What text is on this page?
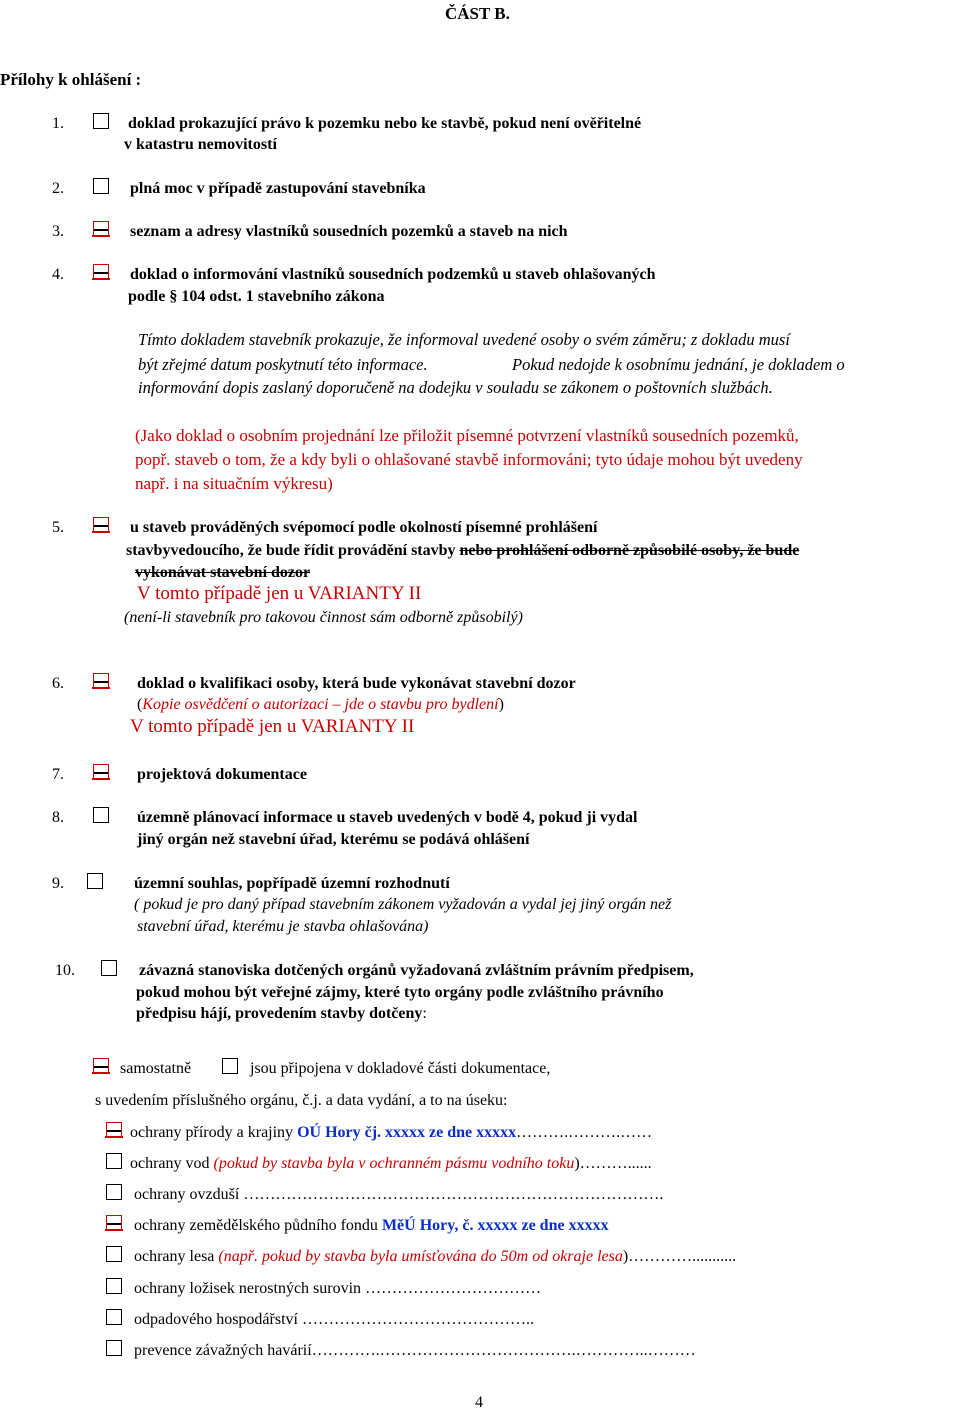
ČÁST B.
Přílohy k ohlášení :
1.	doklad prokazující právo k pozemku nebo ke stavbě, pokud není ověřitelné
v katastru nemovitostí
2.	plná moc v případě zastupování stavebníka
3.	seznam a adresy vlastníků sousedních pozemků a staveb na nich
4.	doklad o informování vlastníků sousedních podzemků u staveb ohlašovaných
podle § 104 odst. 1 stavebního zákona
Tímto dokladem stavebník prokazuje, že informoval uvedené osoby o svém záměru; z dokladu musí
být zřejmé datum poskytnutí této informace.	Pokud nedojde k osobnímu jednání, je dokladem o
informování dopis zaslaný doporučeně na dodejku v souladu se zákonem o poštovních službách.
(Jako doklad o osobním projednání lze přiložit písemné potvrzení vlastníků sousedních pozemků,
popř. staveb o tom, že a kdy byli o ohlašované stavbě informováni; tyto údaje mohou být uvedeny
např. i na situačním výkresu)
5.	u staveb prováděných svépomocí podle okolností písemné prohlášení
stavbyvedoucího, že bude řídit provádění stavby nebo prohlášení odborně způsobilé osoby, že bude
vykonávat stavební dozor
V tomto případě jen u VARIANTY II
(není-li stavebník pro takovou činnost sám odborně způsobilý)
6.	doklad o kvalifikaci osoby, která bude vykonávat stavební dozor
(Kopie osvědčení o autorizaci – jde o stavbu pro bydlení)
V tomto případě jen u VARIANTY II
7.	projektová dokumentace
8.	územně plánovací informace u staveb uvedených v bodě 4, pokud ji vydal
jiný orgán než stavební úřad, kterému se podává ohlášení
9.	územní souhlas, popřípadě územní rozhodnutí
( pokud je pro daný případ stavebním zákonem vyžadován a vydal jej jiný orgán než
stavební úřad, kterému je stavba ohlašována)
10.	závazná stanoviska dotčených orgánů vyžadovaná zvláštním právním předpisem,
pokud mohou být veřejné zájmy, které tyto orgány podle zvláštního právního
předpisu hájí, provedením stavby dotčeny:
samostatně	jsou připojena v dokladové části dokumentace,
s uvedením příslušného orgánu, č.j. a data vydání, a to na úseku:
ochrany přírody a krajiny OÚ Hory čj. xxxxx ze dne xxxxx……….……….……
ochrany vod (pokud by stavba byla v ochranném pásmu vodního toku)………......
ochrany ovzduší …………………………………………………………………….
ochrany zemědělského půdního fondu MěÚ Hory, č. xxxxx ze dne xxxxx
ochrany lesa (např. pokud by stavba byla umísťována do 50m od okraje lesa)…………...........
ochrany ložisek nerostných surovin ……………………………
odpadového hospodářství ……………………………………..
prevence závažných havárií………….……………………………….…………..………
4
